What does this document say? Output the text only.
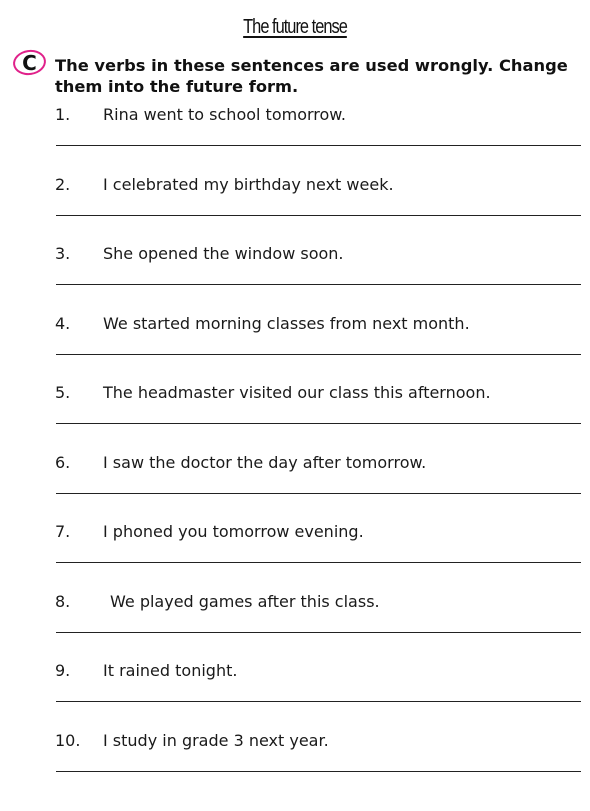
The future tense
C The verbs in these sentences are used wrongly. Change them into the future form.
1. Rina went to school tomorrow.
2. I celebrated my birthday next week.
3. She opened the window soon.
4. We started morning classes from next month.
5. The headmaster visited our class this afternoon.
6. I saw the doctor the day after tomorrow.
7. I phoned you tomorrow evening.
8. We played games after this class.
9. It rained tonight.
10. I study in grade 3 next year.
